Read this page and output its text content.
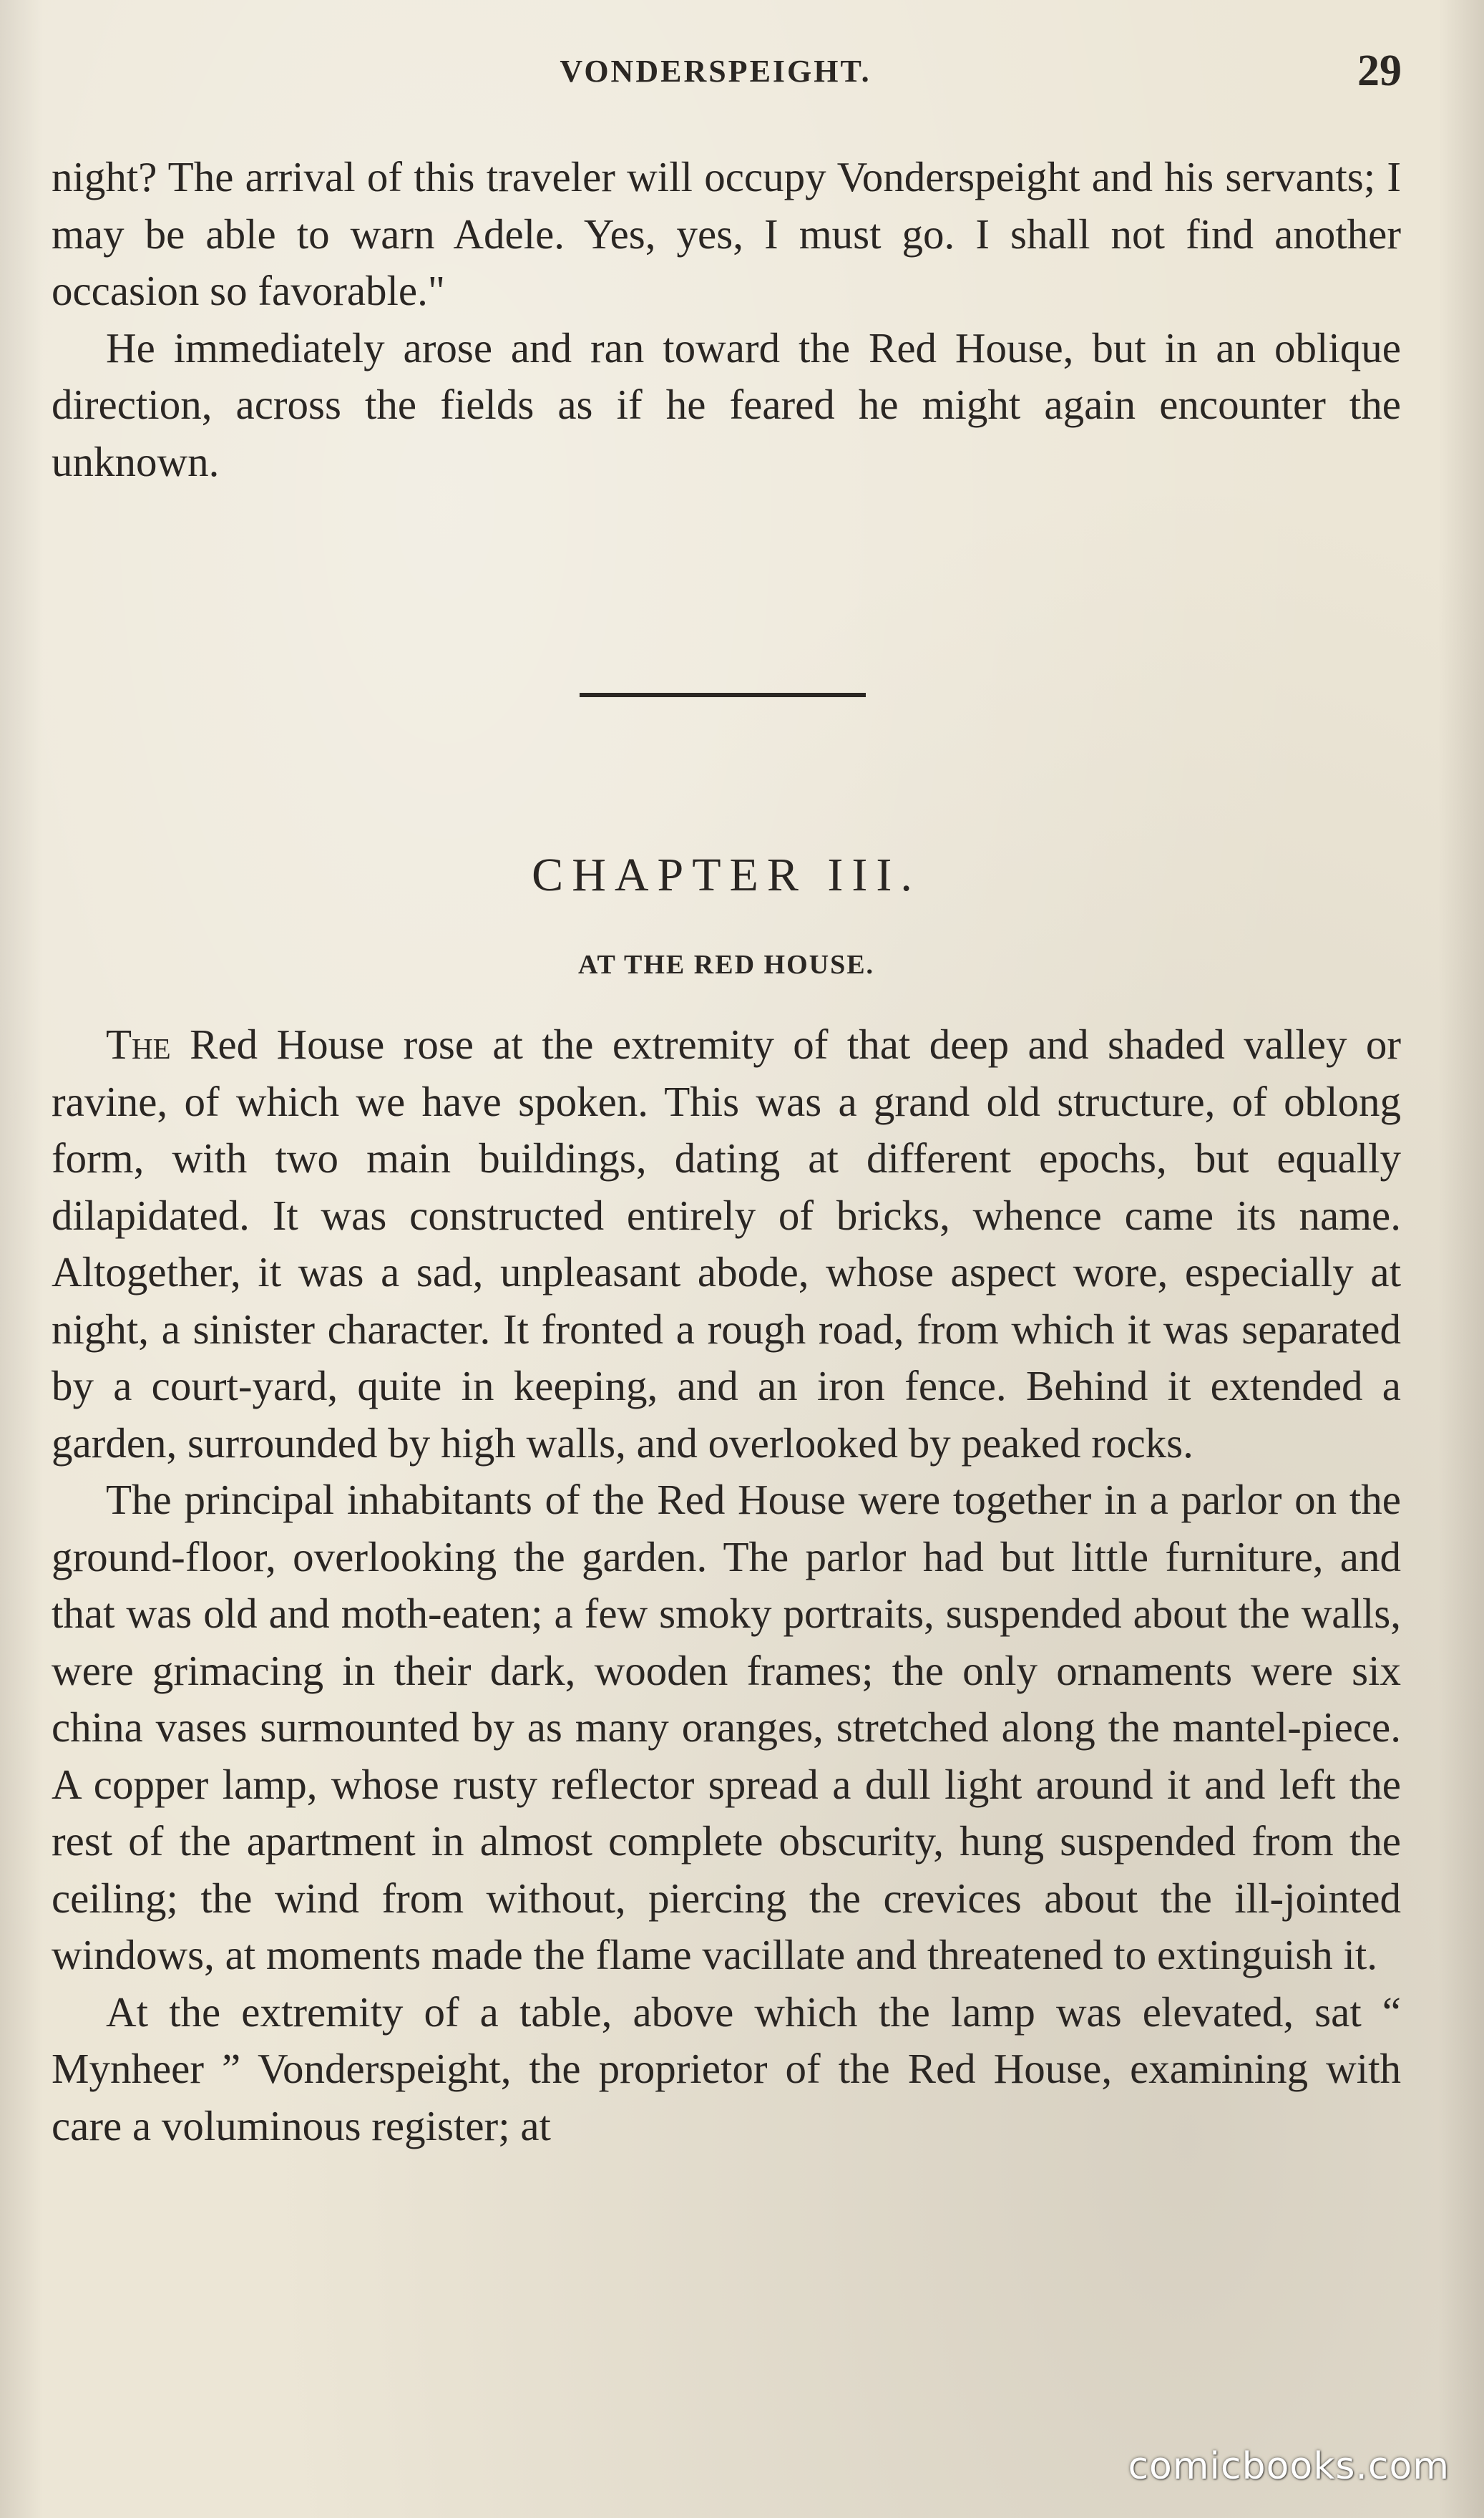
VONDERSPEIGHT.	29

night? The arrival of this traveler will occupy Vonderspeight and his servants; I may be able to warn Adele. Yes, yes, I must go. I shall not find another occasion so favorable."

He immediately arose and ran toward the Red House, but in an oblique direction, across the fields as if he feared he might again encounter the unknown.

CHAPTER III.
AT THE RED HOUSE.

The Red House rose at the extremity of that deep and shaded valley or ravine, of which we have spoken. This was a grand old structure, of oblong form, with two main buildings, dating at different epochs, but equally dilapidated. It was constructed entirely of bricks, whence came its name. Altogether, it was a sad, unpleasant abode, whose aspect wore, especially at night, a sinister character. It fronted a rough road, from which it was separated by a court-yard, quite in keeping, and an iron fence. Behind it extended a garden, surrounded by high walls, and overlooked by peaked rocks.

The principal inhabitants of the Red House were together in a parlor on the ground-floor, overlooking the garden. The parlor had but little furniture, and that was old and moth-eaten; a few smoky portraits, suspended about the walls, were grimacing in their dark, wooden frames; the only ornaments were six china vases surmounted by as many oranges, stretched along the mantel-piece. A copper lamp, whose rusty reflector spread a dull light around it and left the rest of the apartment in almost complete obscurity, hung suspended from the ceiling; the wind from without, piercing the crevices about the ill-jointed windows, at moments made the flame vacillate and threatened to extinguish it.

At the extremity of a table, above which the lamp was elevated, sat “ Mynheer ” Vonderspeight, the proprietor of the Red House, examining with care a voluminous register; at

comicbooks.com
